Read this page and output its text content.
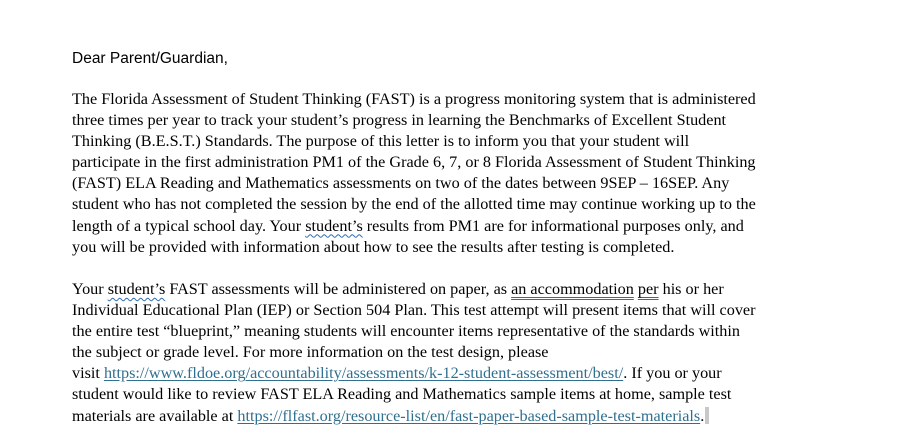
Dear Parent/Guardian,
The Florida Assessment of Student Thinking (FAST) is a progress monitoring system that is administered
three times per year to track your student’s progress in learning the Benchmarks of Excellent Student
Thinking (B.E.S.T.) Standards. The purpose of this letter is to inform you that your student will
participate in the first administration PM1 of the Grade 6, 7, or 8 Florida Assessment of Student Thinking
(FAST) ELA Reading and Mathematics assessments on two of the dates between 9SEP – 16SEP. Any
student who has not completed the session by the end of the allotted time may continue working up to the
length of a typical school day. Your student’s results from PM1 are for informational purposes only, and
you will be provided with information about how to see the results after testing is completed.
Your student’s FAST assessments will be administered on paper, as an accommodation per his or her
Individual Educational Plan (IEP) or Section 504 Plan. This test attempt will present items that will cover
the entire test “blueprint,” meaning students will encounter items representative of the standards within
the subject or grade level. For more information on the test design, please
visit https://www.fldoe.org/accountability/assessments/k-12-student-assessment/best/. If you or your
student would like to review FAST ELA Reading and Mathematics sample items at home, sample test
materials are available at https://flfast.org/resource-list/en/fast-paper-based-sample-test-materials.
